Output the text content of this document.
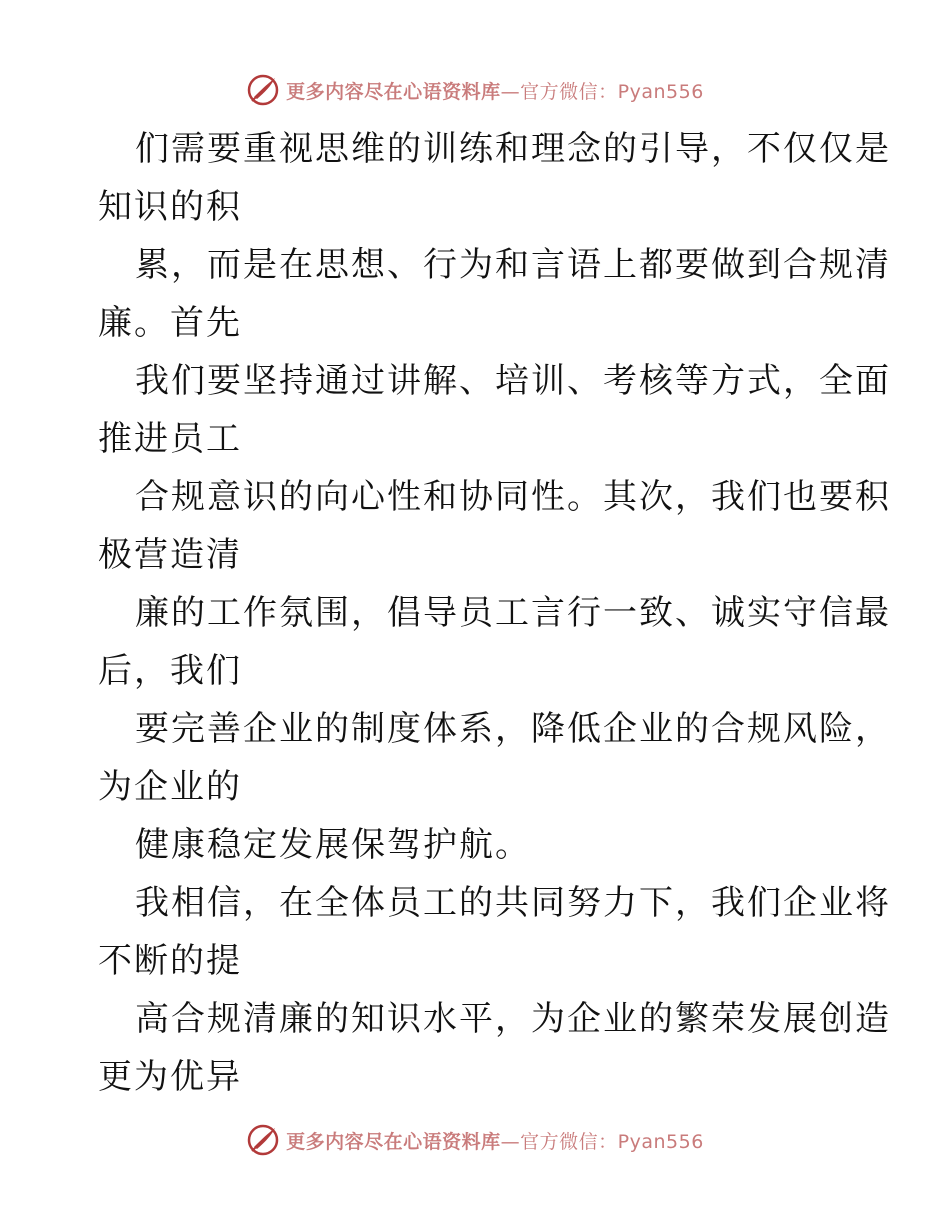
更多内容尽在心语资料库—官方微信：Pyan556
们需要重视思维的训练和理念的引导，不仅仅是
知识的积
累，而是在思想、行为和言语上都要做到合规清
廉。首先
我们要坚持通过讲解、培训、考核等方式，全面
推进员工
合规意识的向心性和协同性。其次，我们也要积
极营造清
廉的工作氛围，倡导员工言行一致、诚实守信最
后，我们
要完善企业的制度体系，降低企业的合规风险，
为企业的
健康稳定发展保驾护航。
我相信，在全体员工的共同努力下，我们企业将
不断的提
高合规清廉的知识水平，为企业的繁荣发展创造
更为优异
更多内容尽在心语资料库—官方微信：Pyan556
